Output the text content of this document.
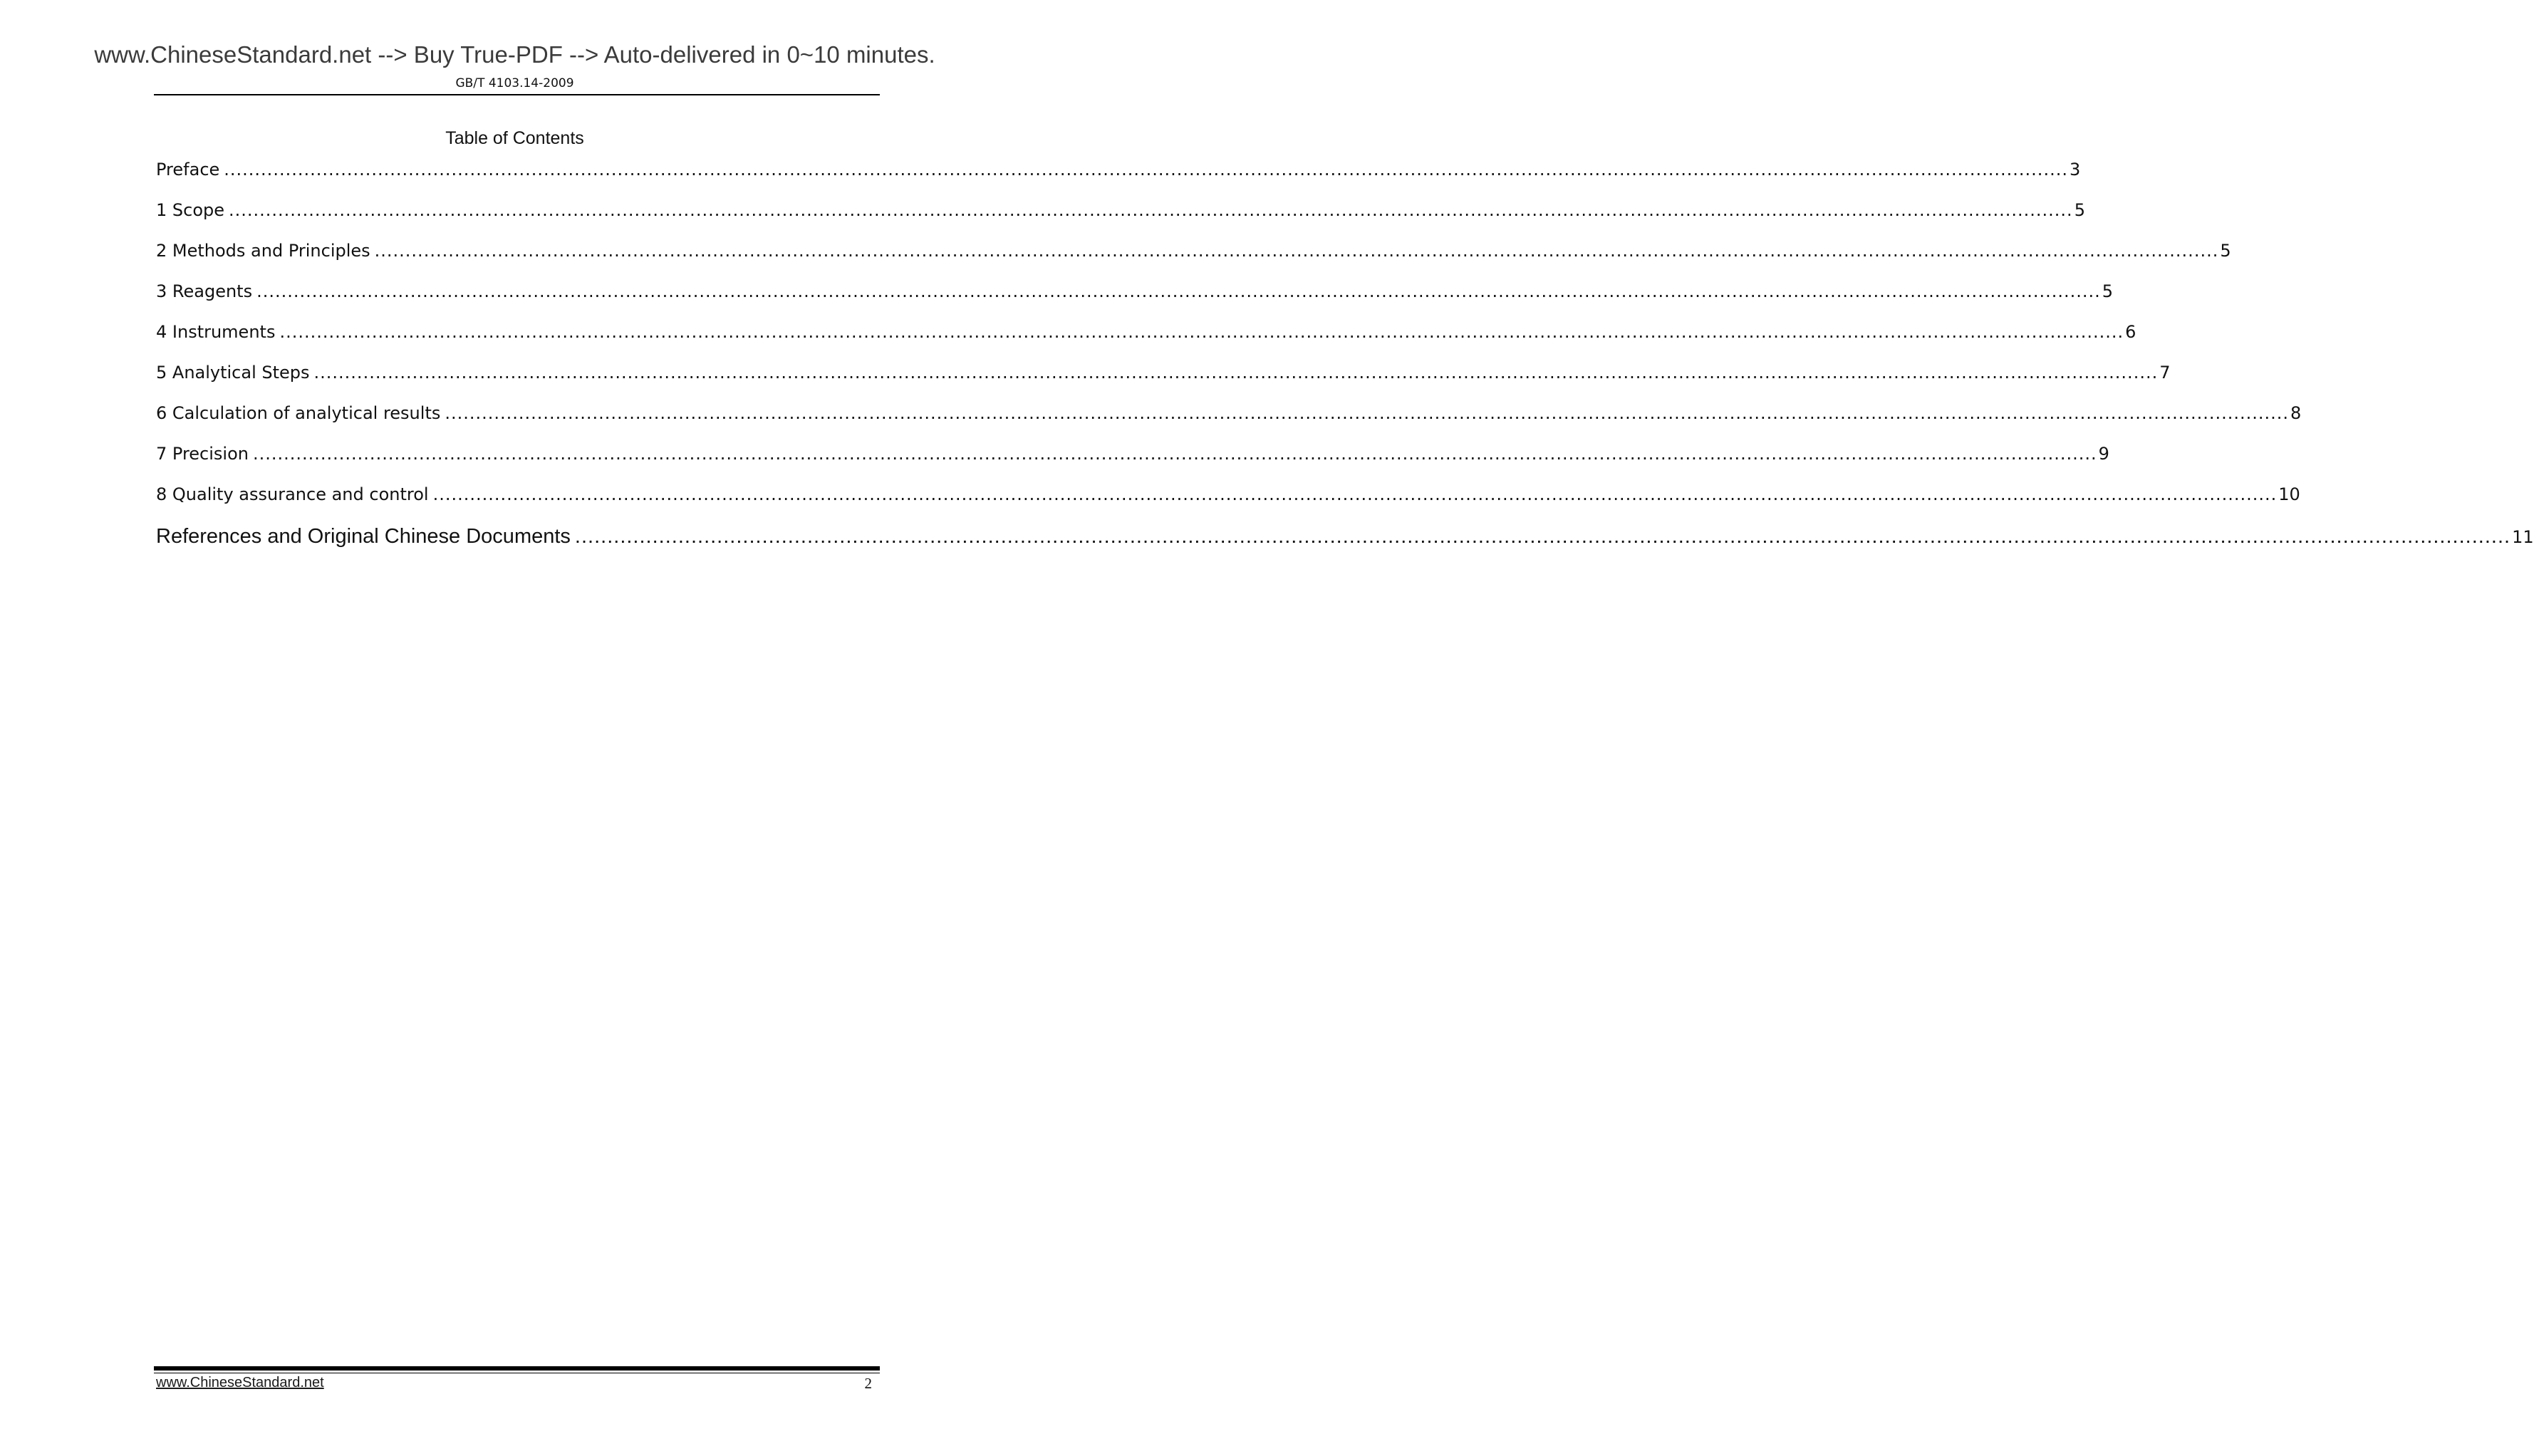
www.ChineseStandard.net --> Buy True-PDF --> Auto-delivered in 0~10 minutes.
GB/T 4103.14-2009
Table of Contents
Preface ............................................................................................................................................................................................................................................................................................................ 3
1 Scope ............................................................................................................................................................................................................................................................................................................ 5
2 Methods and Principles ............................................................................................................................................................................................................................................................................................................ 5
3 Reagents ............................................................................................................................................................................................................................................................................................................ 5
4 Instruments ............................................................................................................................................................................................................................................................................................................ 6
5 Analytical Steps ............................................................................................................................................................................................................................................................................................................ 7
6 Calculation of analytical results ............................................................................................................................................................................................................................................................................................................ 8
7 Precision ............................................................................................................................................................................................................................................................................................................ 9
8 Quality assurance and control ............................................................................................................................................................................................................................................................................................................ 10
References and Original Chinese Documents ............................................................................................................................................................................................................................................................................................................ 11
www.ChineseStandard.net	2
